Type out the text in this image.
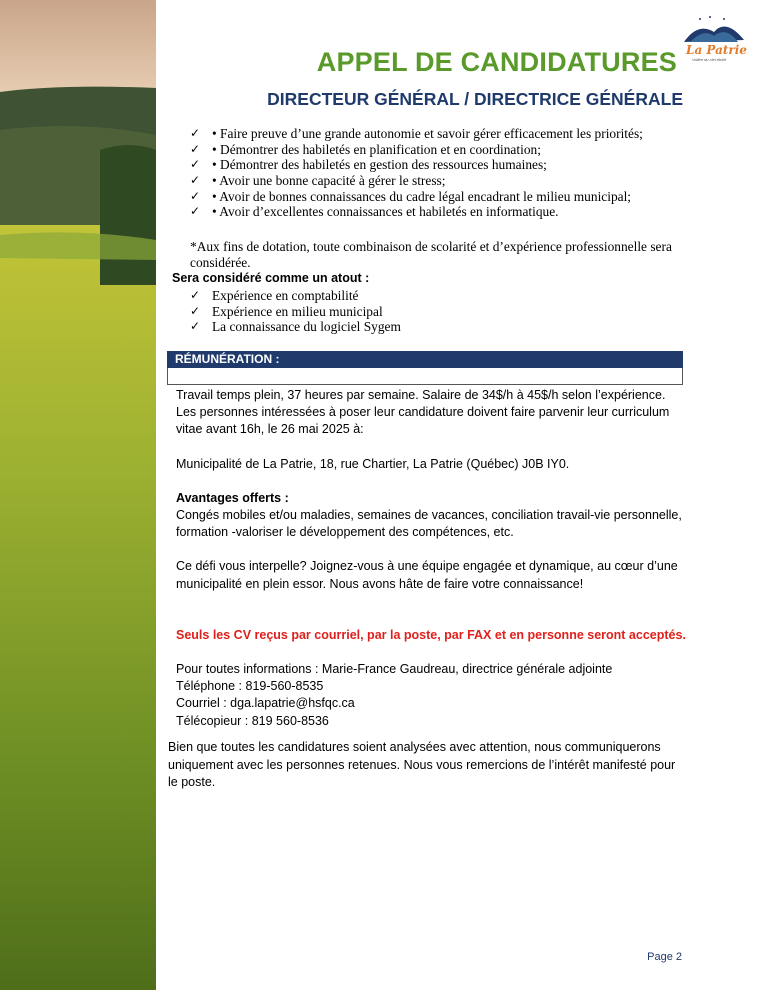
La Patrie
Vallée du ciel étoilé
APPEL DE CANDIDATURES
DIRECTEUR GÉNÉRAL / DIRECTRICE GÉNÉRALE
✓ • Faire preuve d’une grande autonomie et savoir gérer efficacement les priorités;
✓ • Démontrer des habiletés en planification et en coordination;
✓ • Démontrer des habiletés en gestion des ressources humaines;
✓ • Avoir une bonne capacité à gérer le stress;
✓ • Avoir de bonnes connaissances du cadre légal encadrant le milieu municipal;
✓ • Avoir d’excellentes connaissances et habiletés en informatique.
*Aux fins de dotation, toute combinaison de scolarité et d’expérience professionnelle sera considérée.
Sera considéré comme un atout :
✓ Expérience en comptabilité
✓ Expérience en milieu municipal
✓ La connaissance du logiciel Sygem
RÉMUNÉRATION :

Travail temps plein, 37 heures par semaine. Salaire de 34$/h à 45$/h selon l’expérience.

Les personnes intéressées à poser leur candidature doivent faire parvenir leur curriculum vitae avant 16h, le 26 mai 2025 à:

Municipalité de La Patrie, 18, rue Chartier, La Patrie (Québec) J0B IY0.

Avantages offerts :

Congés mobiles et/ou maladies, semaines de vacances, conciliation travail-vie personnelle, formation -valoriser le développement des compétences, etc.

Ce défi vous interpelle? Joignez-vous à une équipe engagée et dynamique, au cœur d’une municipalité en plein essor. Nous avons hâte de faire votre connaissance!

Seuls les CV reçus par courriel, par la poste, par FAX et en personne seront acceptés.

Pour toutes informations : Marie-France Gaudreau, directrice générale adjointe

Téléphone : 819-560-8535

Courriel : dga.lapatrie@hsfqc.ca

Télécopieur : 819 560-8536

Bien que toutes les candidatures soient analysées avec attention, nous communiquerons uniquement avec les personnes retenues. Nous vous remercions de l’intérêt manifesté pour le poste.
Page 2
